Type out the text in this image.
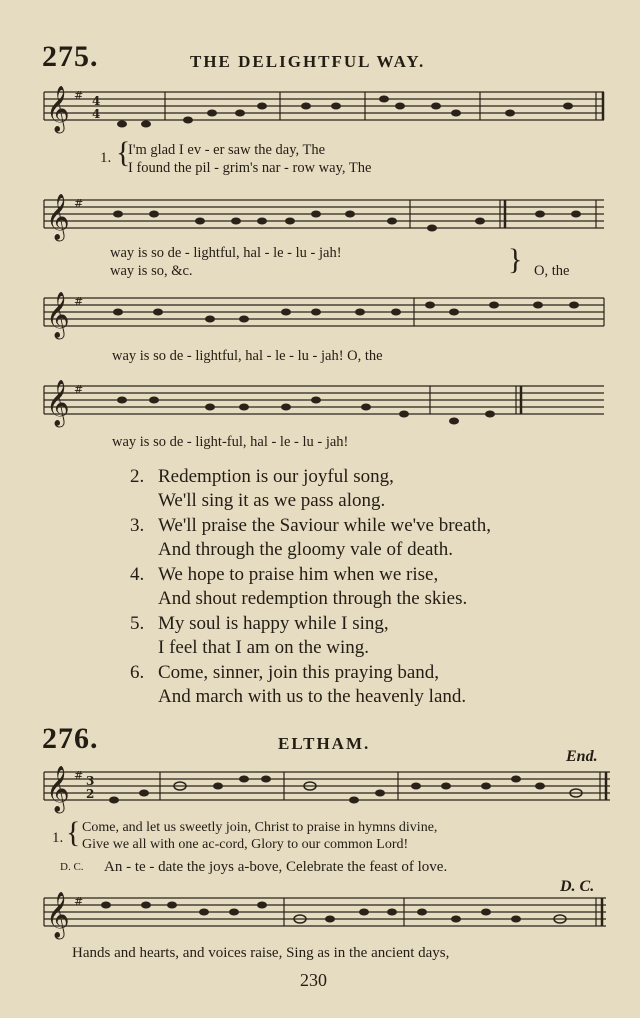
275.	THE DELIGHTFUL WAY.
𝄞 # 4
4
1. {
I'm glad I ev - er saw the day, The
I found the pil - grim's nar - row way, The
𝄞 #
way is so de - lightful, hal - le - lu - jah!
way is so, &c.	} O, the
𝄞 #
way is so de - lightful, hal - le - lu - jah! O, the
𝄞 #
way is so de - light-ful, hal - le - lu - jah!
2. Redemption is our joyful song,
We'll sing it as we pass along.
3. We'll praise the Saviour while we've breath,
And through the gloomy vale of death.
4. We hope to praise him when we rise,
And shout redemption through the skies.
5. My soul is happy while I sing,
I feel that I am on the wing.
6. Come, sinner, join this praying band,
And march with us to the heavenly land.
276.	ELTHAM.
End.
𝄞 # 3
2
1. { Come, and let us sweetly join, Christ to praise in hymns divine,
Give we all with one ac-cord, Glory to our common Lord!
D. C. An - te - date the joys a-bove, Celebrate the feast of love.
D. C.
𝄞 #
Hands and hearts, and voices raise, Sing as in the ancient days,
230
